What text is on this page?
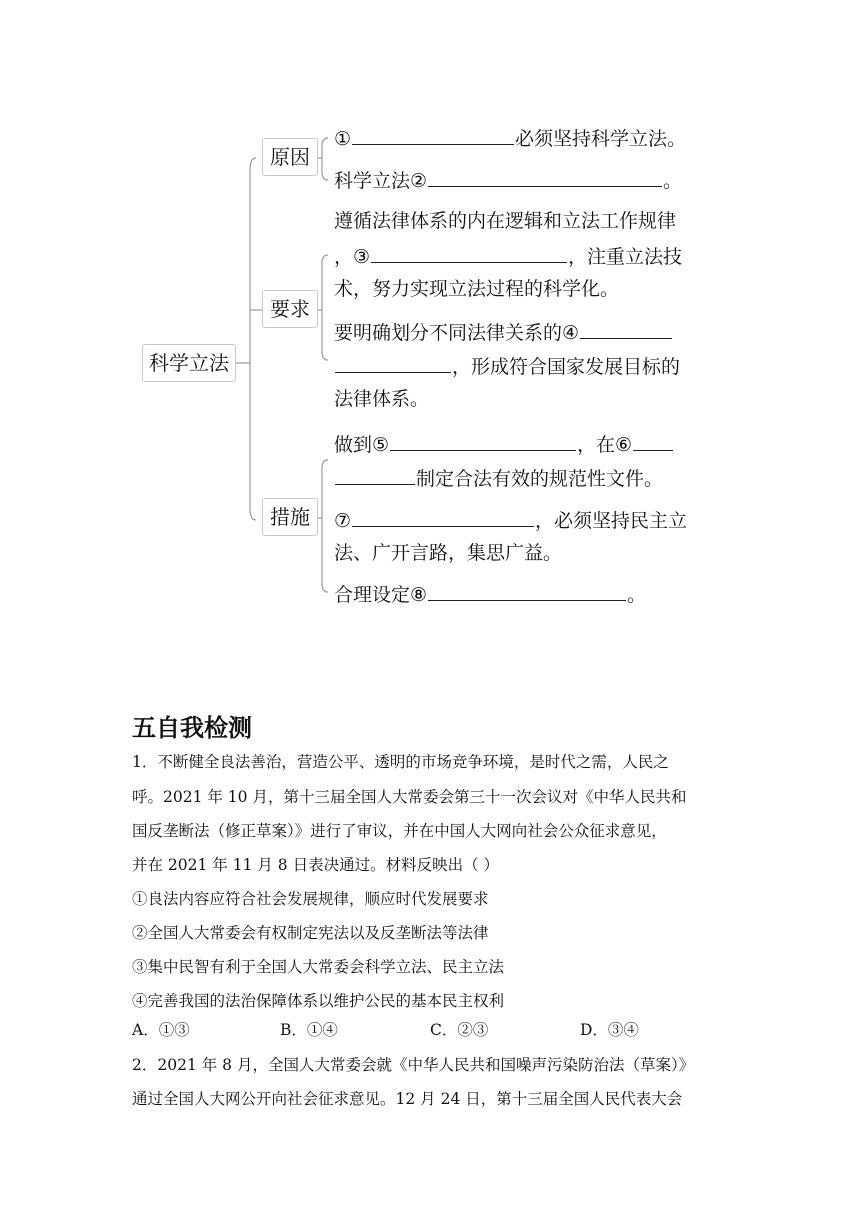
科学立法
原因
要求
措施
①	必须坚持科学立法。
科学立法②	。
遵循法律体系的内在逻辑和立法工作规律
，③	，注重立法技
术，努力实现立法过程的科学化。
要明确划分不同法律关系的④
，形成符合国家发展目标的
法律体系。
做到⑤	，在⑥
制定合法有效的规范性文件。
⑦	，必须坚持民主立
法、广开言路，集思广益。
合理设定⑧	。
五自我检测
1．不断健全良法善治，营造公平、透明的市场竞争环境，是时代之需，人民之
呼。2021 年 10 月，第十三届全国人大常委会第三十一次会议对《中华人民共和
国反垄断法（修正草案）》进行了审议，并在中国人大网向社会公众征求意见，
并在 2021 年 11 月 8 日表决通过。材料反映出（ ）
①良法内容应符合社会发展规律，顺应时代发展要求
②全国人大常委会有权制定宪法以及反垄断法等法律
③集中民智有利于全国人大常委会科学立法、民主立法
④完善我国的法治保障体系以维护公民的基本民主权利
A．①③	B．①④	C．②③	D．③④
2．2021 年 8 月，全国人大常委会就《中华人民共和国噪声污染防治法（草案）》
通过全国人大网公开向社会征求意见。12 月 24 日，第十三届全国人民代表大会
